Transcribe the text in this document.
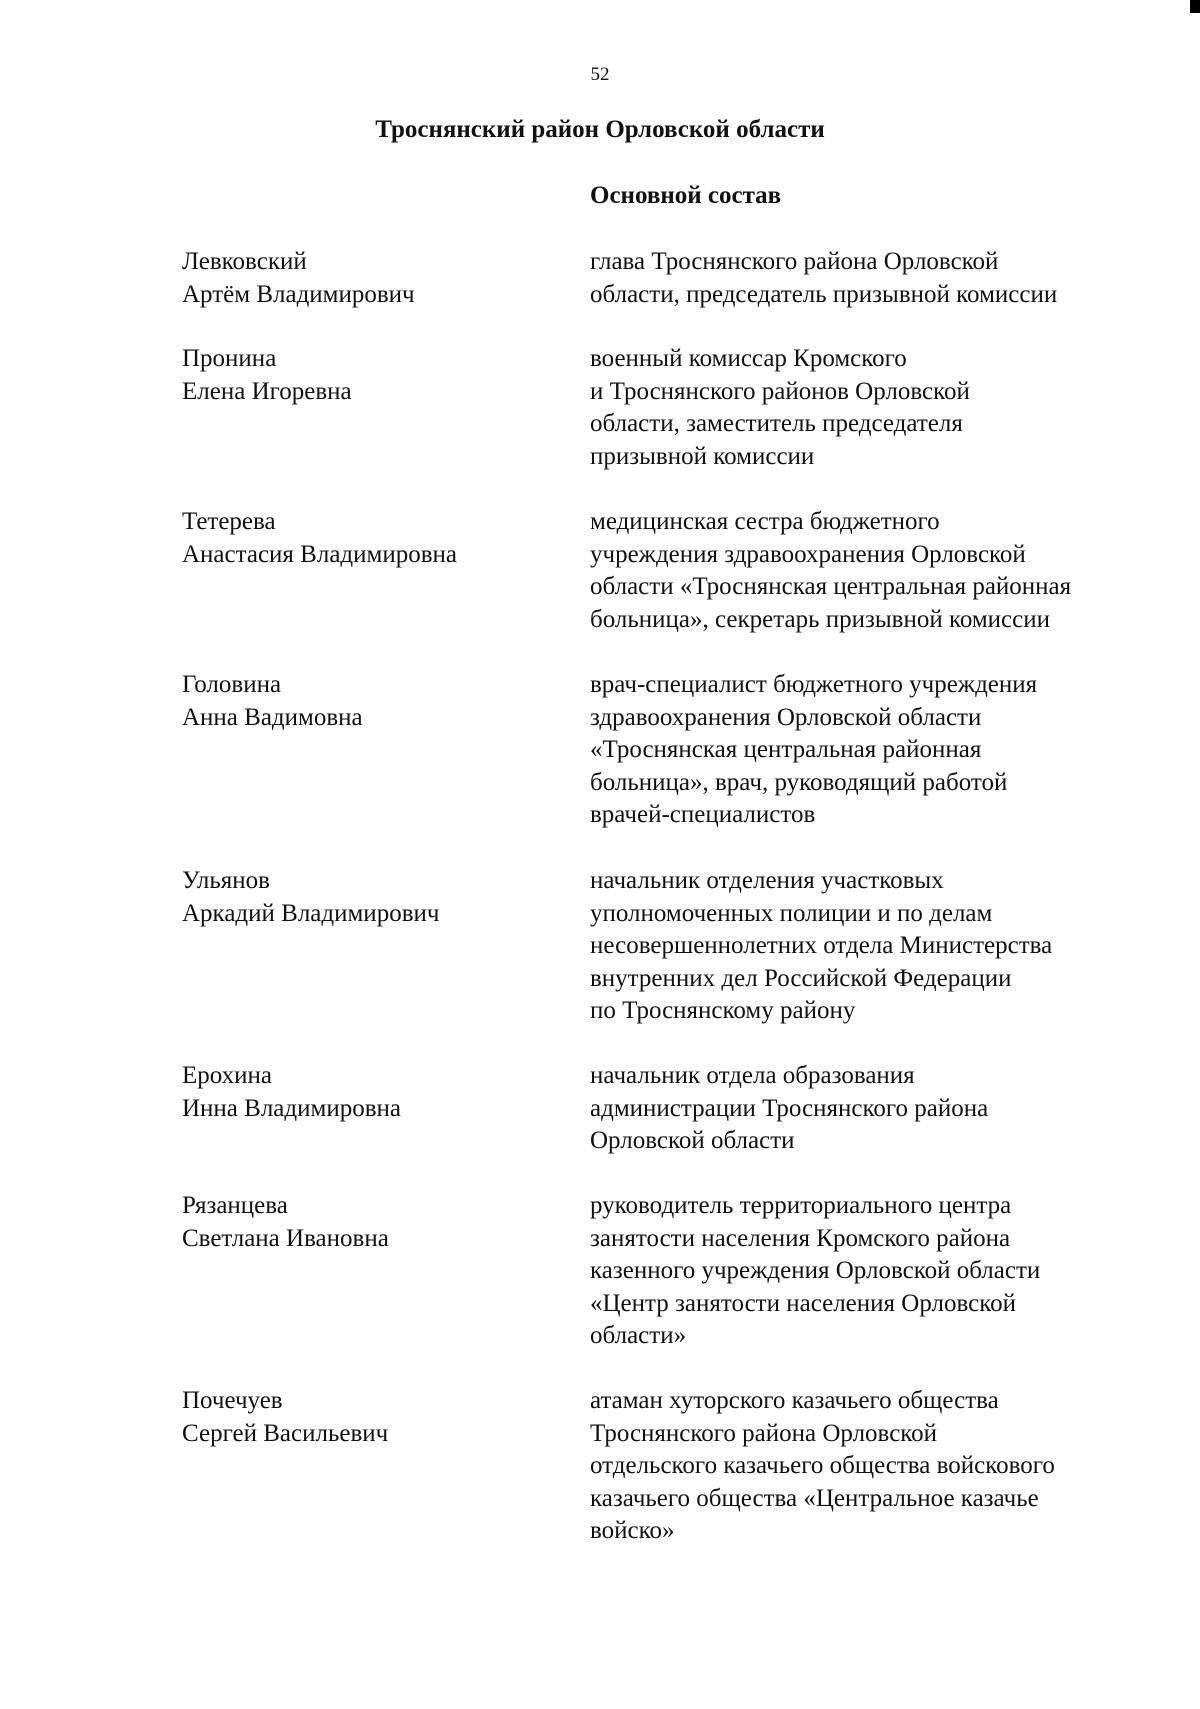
52
Троснянский район Орловской области
Основной состав
Левковский
Артём Владимирович
глава Троснянского района Орловской
области, председатель призывной комиссии
Пронина
Елена Игоревна
военный комиссар Кромского
и Троснянского районов Орловской
области, заместитель председателя
призывной комиссии
Тетерева
Анастасия Владимировна
медицинская сестра бюджетного
учреждения здравоохранения Орловской
области «Троснянская центральная районная
больница», секретарь призывной комиссии
Головина
Анна Вадимовна
врач-специалист бюджетного учреждения
здравоохранения Орловской области
«Троснянская центральная районная
больница», врач, руководящий работой
врачей-специалистов
Ульянов
Аркадий Владимирович
начальник отделения участковых
уполномоченных полиции и по делам
несовершеннолетних отдела Министерства
внутренних дел Российской Федерации
по Троснянскому району
Ерохина
Инна Владимировна
начальник отдела образования
администрации Троснянского района
Орловской области
Рязанцева
Светлана Ивановна
руководитель территориального центра
занятости населения Кромского района
казенного учреждения Орловской области
«Центр занятости населения Орловской
области»
Почечуев
Сергей Васильевич
атаман хуторского казачьего общества
Троснянского района Орловской
отдельского казачьего общества войскового
казачьего общества «Центральное казачье
войско»
